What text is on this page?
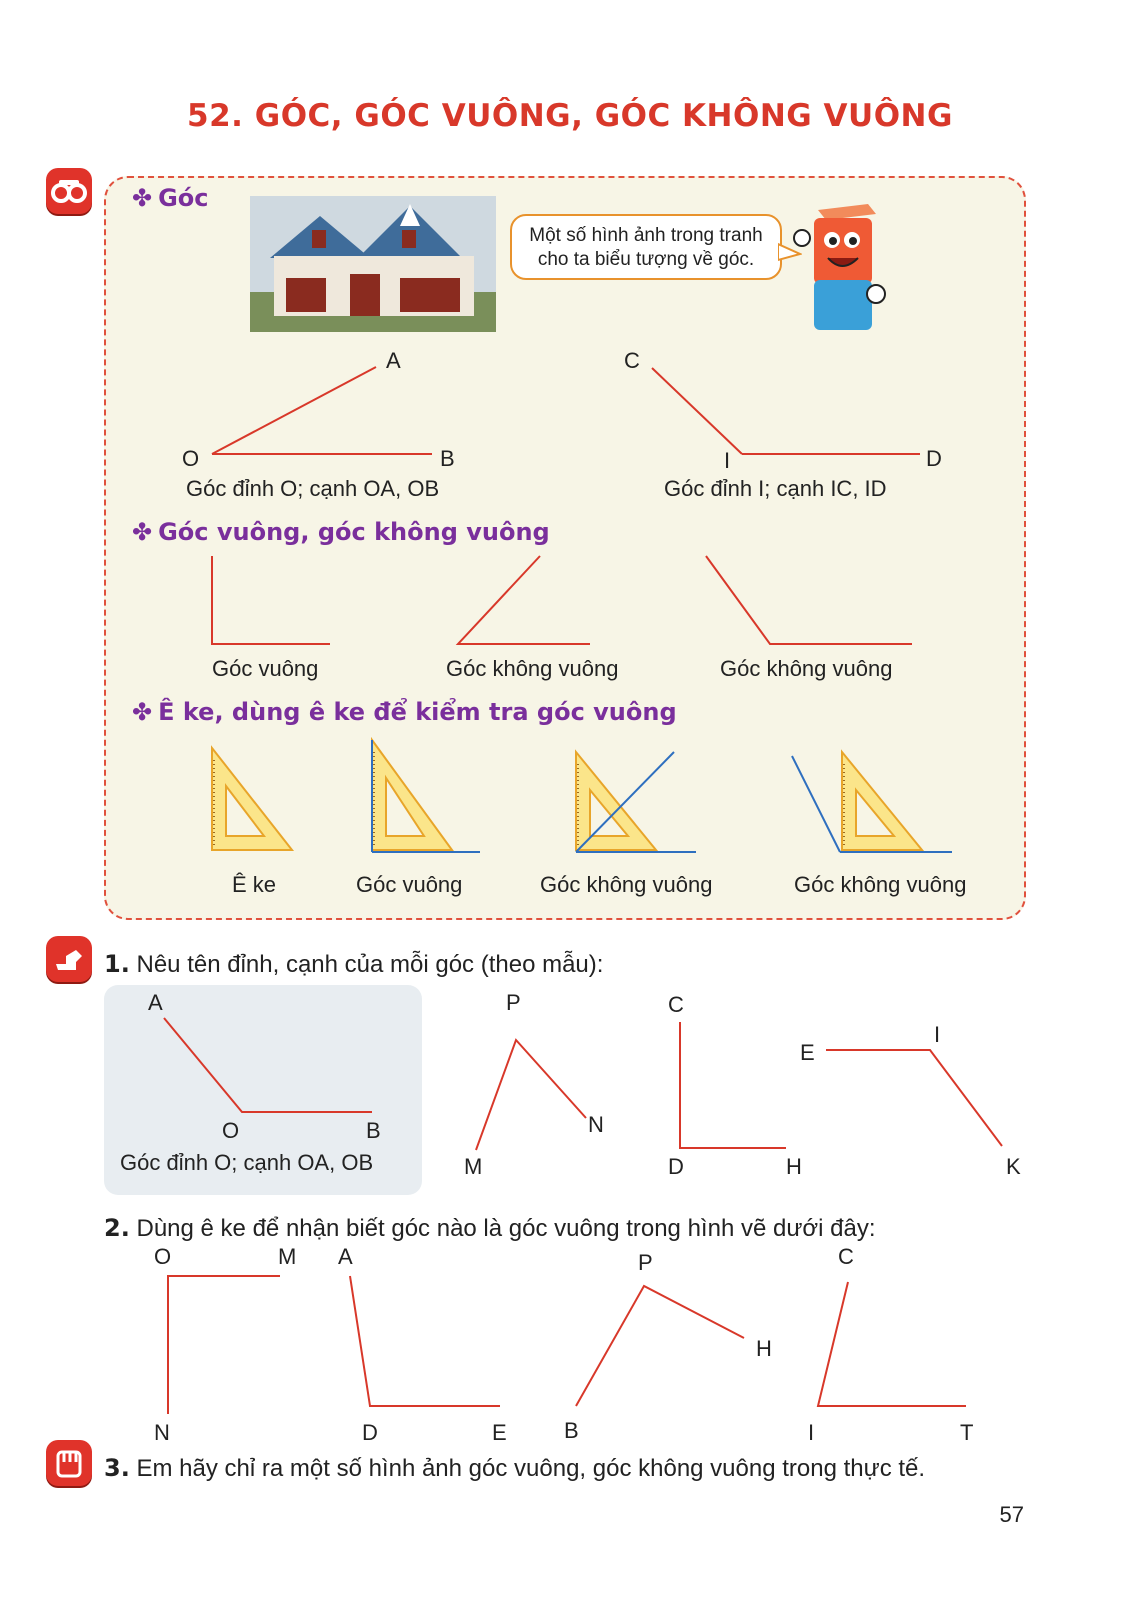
52. GÓC, GÓC VUÔNG, GÓC KHÔNG VUÔNG
✤ Góc
Một số hình ảnh trong tranh
cho ta biểu tượng về góc.
A
O	B
Góc đỉnh O; cạnh OA, OB
C
I	D
Góc đỉnh I; cạnh IC, ID
✤ Góc vuông, góc không vuông
Góc vuông	Góc không vuông	Góc không vuông
✤ Ê ke, dùng ê ke để kiểm tra góc vuông
Ê ke	Góc vuông	Góc không vuông	Góc không vuông
1. Nêu tên đỉnh, cạnh của mỗi góc (theo mẫu):
A
O	B
Góc đỉnh O; cạnh OA, OB
P
M
N
C
D	H
E
I
K
2. Dùng ê ke để nhận biết góc nào là góc vuông trong hình vẽ dưới đây:
O	M
N
A
D	E
P
B
H
C
I	T
3. Em hãy chỉ ra một số hình ảnh góc vuông, góc không vuông trong thực tế.
57
